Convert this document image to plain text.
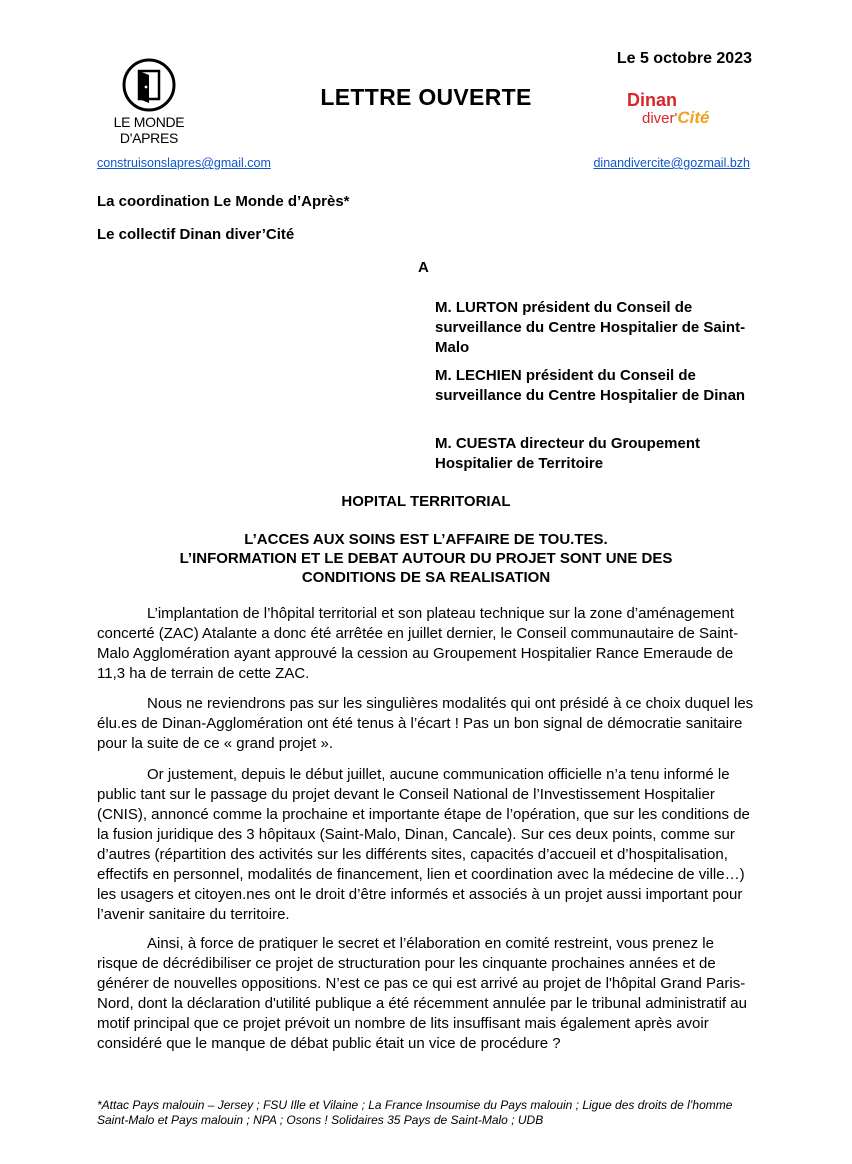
LE MONDE
D'APRES
LETTRE OUVERTE
Le 5 octobre 2023
Dinan
diver'Cité
construisonslapres@gmail.com	dinandivercite@gozmail.bzh
La coordination Le Monde d’Après*
Le collectif Dinan diver’Cité
A
M. LURTON président du Conseil de surveillance du Centre Hospitalier de Saint-Malo
M. LECHIEN président du Conseil de surveillance du Centre Hospitalier de Dinan
M. CUESTA directeur du Groupement Hospitalier de Territoire
HOPITAL TERRITORIAL
L’ACCES AUX SOINS EST L’AFFAIRE DE TOU.TES.
L’INFORMATION ET LE DEBAT AUTOUR DU PROJET SONT UNE DES
CONDITIONS DE SA REALISATION

L’implantation de l’hôpital territorial et son plateau technique sur la zone d’aménagement concerté (ZAC) Atalante a donc été arrêtée en juillet dernier, le Conseil communautaire de Saint-Malo Agglomération ayant approuvé la cession au Groupement Hospitalier Rance Emeraude de 11,3 ha de terrain de cette ZAC.

Nous ne reviendrons pas sur les singulières modalités qui ont présidé à ce choix duquel les élu.es de Dinan-Agglomération ont été tenus à l’écart ! Pas un bon signal de démocratie sanitaire pour la suite de ce « grand projet ».

Or justement, depuis le début juillet, aucune communication officielle n’a tenu informé le public tant sur le passage du projet devant le Conseil National de l’Investissement Hospitalier (CNIS), annoncé comme la prochaine et importante étape de l’opération, que sur les conditions de la fusion juridique des 3 hôpitaux (Saint-Malo, Dinan, Cancale). Sur ces deux points, comme sur d’autres (répartition des activités sur les différents sites, capacités d’accueil et d’hospitalisation, effectifs en personnel, modalités de financement, lien et coordination avec la médecine de ville…) les usagers et citoyen.nes ont le droit d’être informés et associés à un projet aussi important pour l’avenir sanitaire du territoire.

Ainsi, à force de pratiquer le secret et l’élaboration en comité restreint, vous prenez le risque de décrédibiliser ce projet de structuration pour les cinquante prochaines années et de générer de nouvelles oppositions. N’est ce pas ce qui est arrivé au projet de l'hôpital Grand Paris-Nord, dont la déclaration d'utilité publique a été récemment annulée par le tribunal administratif au motif principal que ce projet prévoit un nombre de lits insuffisant mais également après avoir considéré que le manque de débat public était un vice de procédure ?

*Attac Pays malouin – Jersey ; FSU Ille et Vilaine ; La France Insoumise du Pays malouin ; Ligue des droits de l’homme Saint-Malo et Pays malouin ; NPA ; Osons ! Solidaires 35 Pays de Saint-Malo ; UDB
